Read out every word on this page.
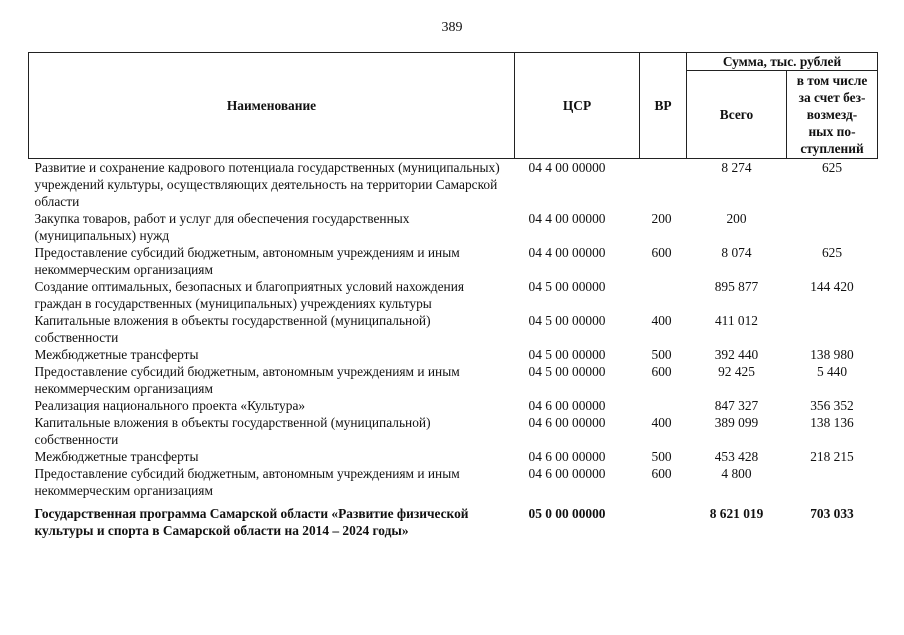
389
Наименование	ЦСР	ВР	Сумма, тыс. рублей	
			Всего	в том числе
за счет без-
возмезд-
ных по-
ступлений

Развитие и сохранение кадрового потенциала государственных (муниципальных) учреждений культуры, осуществляющих деятельность на территории Самарской области	04 4 00 00000		8 274	625
Закупка товаров, работ и услуг для обеспечения государственных (муниципальных) нужд	04 4 00 00000	200	200	
Предоставление субсидий бюджетным, автономным учреждениям и иным некоммерческим организациям	04 4 00 00000	600	8 074	625
Создание оптимальных, безопасных и благоприятных условий нахождения граждан в государственных (муниципальных) учреждениях культуры	04 5 00 00000		895 877	144 420
Капитальные вложения в объекты государственной (муниципальной) собственности	04 5 00 00000	400	411 012	
Межбюджетные трансферты	04 5 00 00000	500	392 440	138 980
Предоставление субсидий бюджетным, автономным учреждениям и иным некоммерческим организациям	04 5 00 00000	600	92 425	5 440
Реализация национального проекта «Культура»	04 6 00 00000		847 327	356 352
Капитальные вложения в объекты государственной (муниципальной) собственности	04 6 00 00000	400	389 099	138 136
Межбюджетные трансферты	04 6 00 00000	500	453 428	218 215
Предоставление субсидий бюджетным, автономным учреждениям и иным некоммерческим организациям	04 6 00 00000	600	4 800	
Государственная программа Самарской области «Развитие физической культуры и спорта в Самарской области на 2014 – 2024 годы»	05 0 00 00000		8 621 019	703 033
